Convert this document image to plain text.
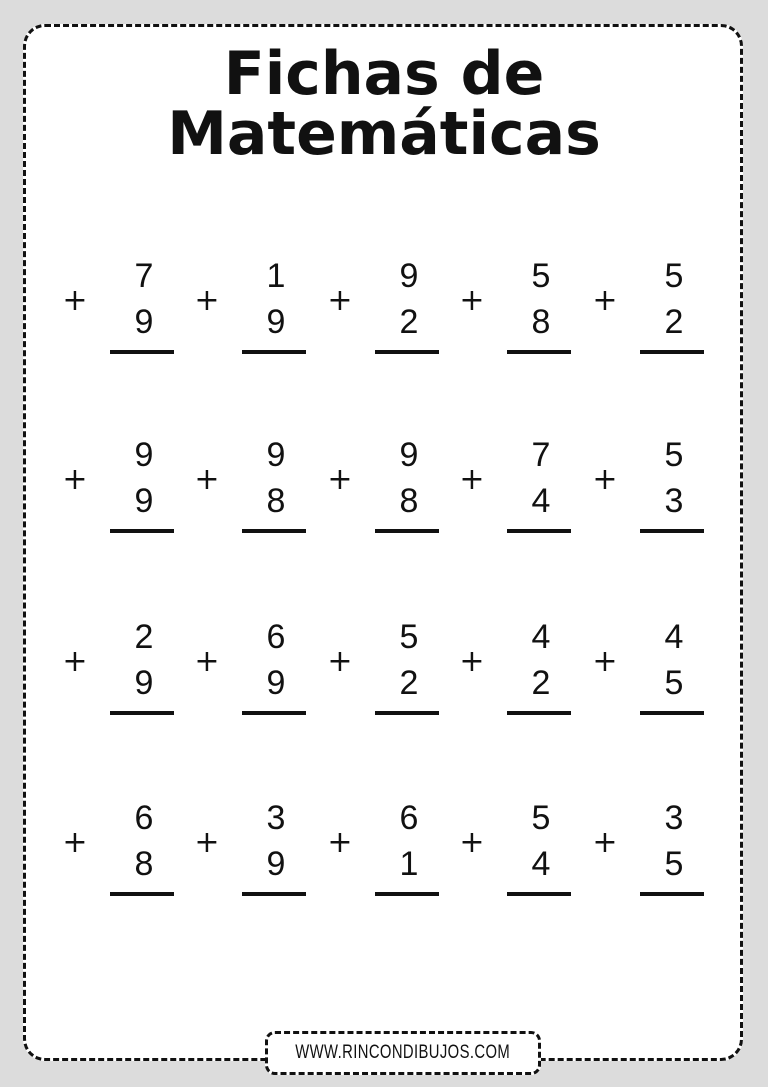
Fichas de Matemáticas
+
7
9
+
1
9
+
9
2
+
5
8
+
5
2
+
9
9
+
9
8
+
9
8
+
7
4
+
5
3
+
2
9
+
6
9
+
5
2
+
4
2
+
4
5
+
6
8
+
3
9
+
6
1
+
5
4
+
3
5
WWW.RINCONDIBUJOS.COM
